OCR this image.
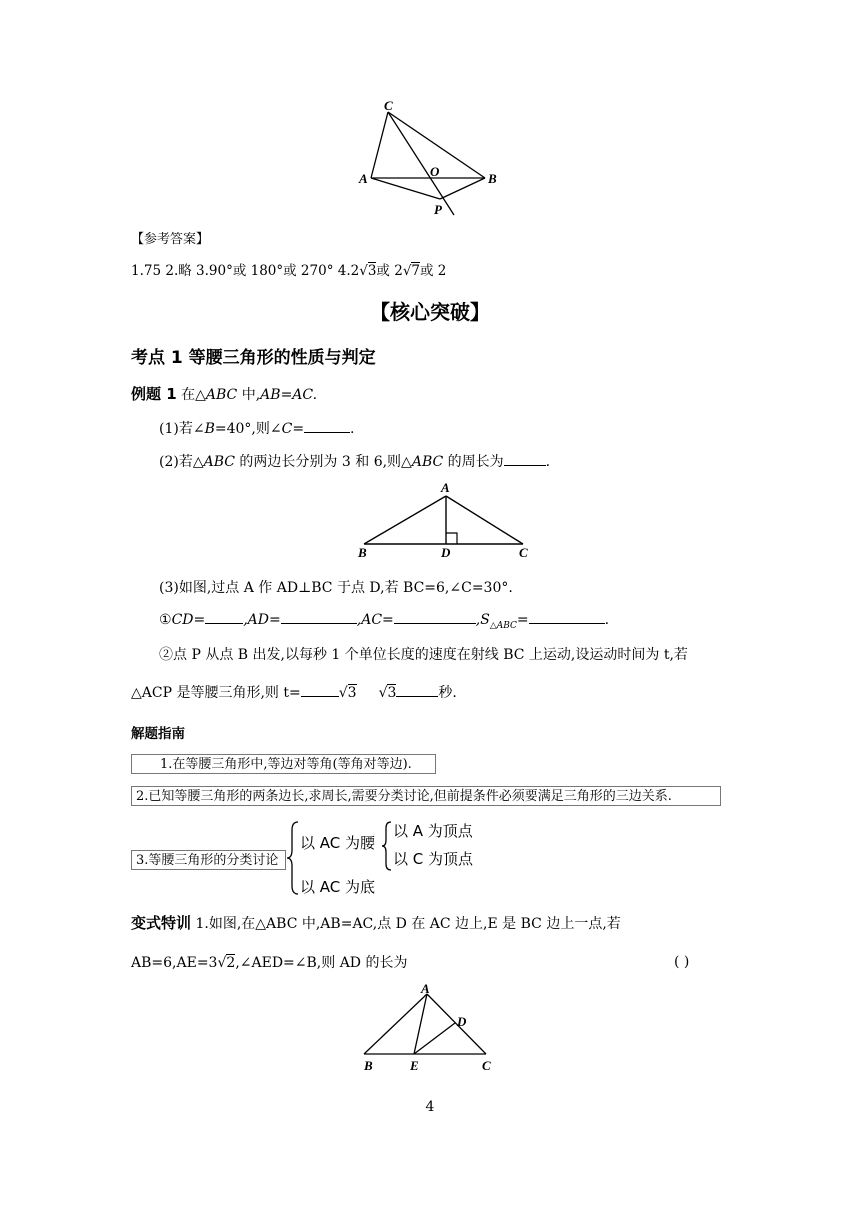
C
A	O	B
P
【参考答案】
1.75 2.略 3.90°或 180°或 270° 4.2√3或 2√7或 2
【核心突破】
考点 1 等腰三角形的性质与判定
例题 1 在△ABC 中,AB=AC.
(1)若∠B=40°,则∠C=	.
(2)若△ABC 的两边长分别为 3 和 6,则△ABC 的周长为	.
A
B	D	C
(3)如图,过点 A 作 AD⊥BC 于点 D,若 BC=6,∠C=30°.
①CD=	,AD=	,AC=	$,S_{\triangle ABC}=$	.
②点 P 从点 B 出发,以每秒 1 个单位长度的速度在射线 BC 上运动,设运动时间为 t,若
△ACP 是等腰三角形,则 t=	√3 √3	秒.
解题指南
1.在等腰三角形中,等边对等角(等角对等边).
2.已知等腰三角形的两条边长,求周长,需要分类讨论,但前提条件必须要满足三角形的三边关系.
3.等腰三角形的分类讨论
以 AC 为腰
以 A 为顶点
以 C 为顶点
以 AC 为底
变式特训 1.如图,在△ABC 中,AB=AC,点 D 在 AC 边上,E 是 BC 边上一点,若
AB=6,AE=3√2,∠AED=∠B,则 AD 的长为	( )
A
D
B	E	C
4
